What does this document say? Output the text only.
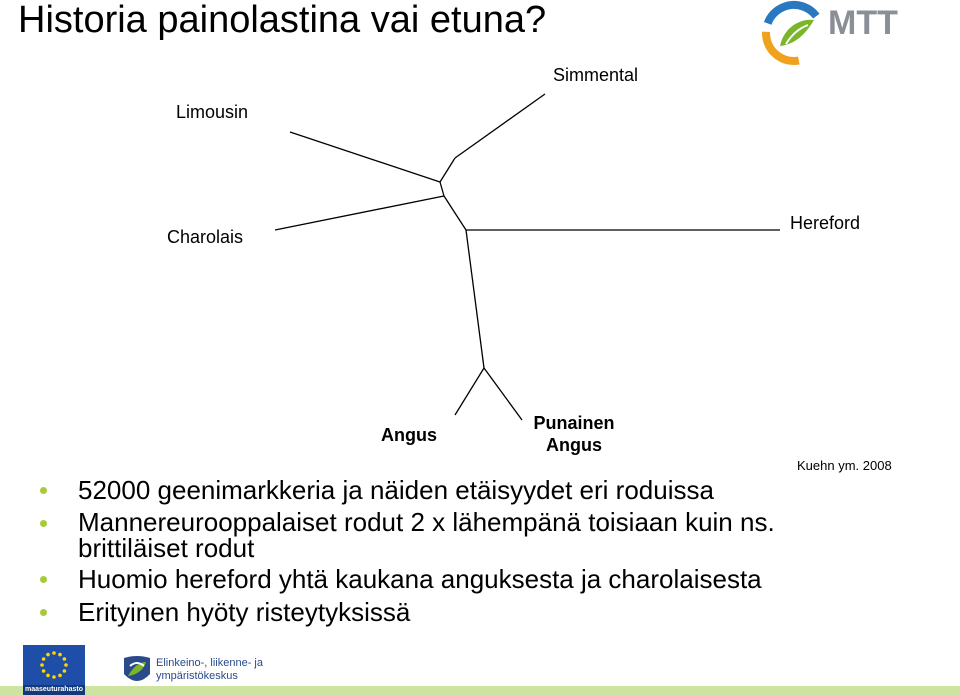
Historia painolastina vai etuna?	MTT
Simmental
Limousin
Charolais
Hereford
Angus
Punainen
Angus
Kuehn ym. 2008
52000 geenimarkkeria ja näiden etäisyydet eri roduissa
Mannereurooppalaiset rodut 2 x lähempänä toisiaan kuin ns. brittiläiset rodut
Huomio hereford yhtä kaukana anguksesta ja charolaisesta
Erityinen hyöty risteytyksissä
maaseuturahasto
Elinkeino-, liikenne- ja
ympäristökeskus
